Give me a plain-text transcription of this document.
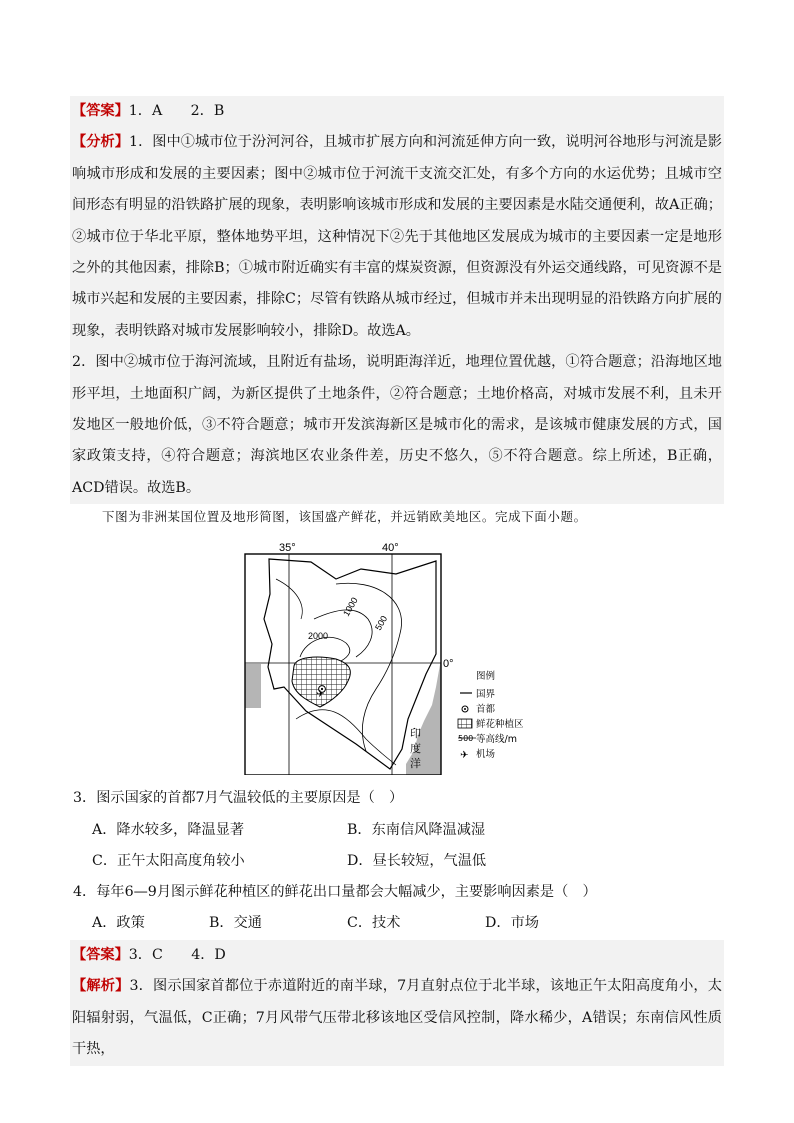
【答案】1．A　　2．B

【分析】1．图中①城市位于汾河河谷，且城市扩展方向和河流延伸方向一致，说明河谷地形与河流是影响城市形成和发展的主要因素；图中②城市位于河流干支流交汇处，有多个方向的水运优势；且城市空间形态有明显的沿铁路扩展的现象，表明影响该城市形成和发展的主要因素是水陆交通便利，故A正确；②城市位于华北平原，整体地势平坦，这种情况下②先于其他地区发展成为城市的主要因素一定是地形之外的其他因素，排除B；①城市附近确实有丰富的煤炭资源，但资源没有外运交通线路，可见资源不是城市兴起和发展的主要因素，排除C；尽管有铁路从城市经过，但城市并未出现明显的沿铁路方向扩展的现象，表明铁路对城市发展影响较小，排除D。故选A。

2．图中②城市位于海河流域，且附近有盐场，说明距海洋近，地理位置优越，①符合题意；沿海地区地形平坦，土地面积广阔，为新区提供了土地条件，②符合题意；土地价格高，对城市发展不利，且未开发地区一般地价低，③不符合题意；城市开发滨海新区是城市化的需求，是该城市健康发展的方式，国家政策支持，④符合题意；海滨地区农业条件差，历史不悠久，⑤不符合题意。综上所述，B正确，ACD错误。故选B。

下图为非洲某国位置及地形简图，该国盛产鲜花，并远销欧美地区。完成下面小题。
✈
35°	40°
0°
2000
1000
500
印
度
洋
图例
国界
首都
鲜花种植区
500 等高线/m
✈ 机场
3．图示国家的首都7月气温较低的主要原因是（　）
A．降水较多，降温显著	B．东南信风降温减湿
C．正午太阳高度角较小	D．昼长较短，气温低
4．每年6—9月图示鲜花种植区的鲜花出口量都会大幅减少，主要影响因素是（　）
A．政策	B．交通	C．技术	D．市场

【答案】3．C　　4．D

【解析】3．图示国家首都位于赤道附近的南半球，7月直射点位于北半球，该地正午太阳高度角小，太阳辐射弱，气温低，C正确；7月风带气压带北移该地区受信风控制，降水稀少，A错误；东南信风性质干热，
